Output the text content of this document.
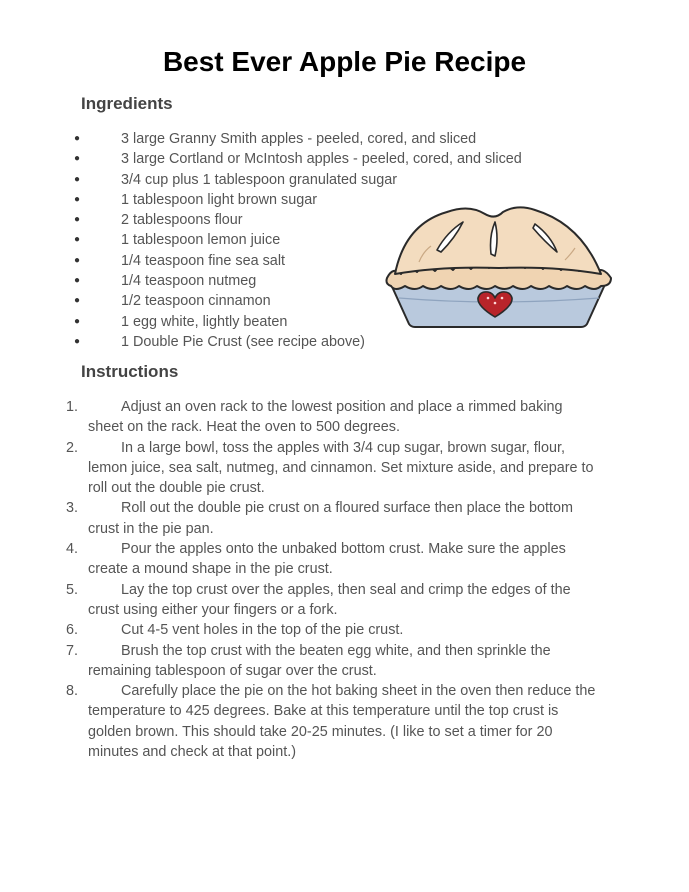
Best Ever Apple Pie Recipe
Ingredients
●	3 large Granny Smith apples - peeled, cored, and sliced
●	3 large Cortland or McIntosh apples - peeled, cored, and sliced
●	3/4 cup plus 1 tablespoon granulated sugar
●	1 tablespoon light brown sugar
●	2 tablespoons flour
●	1 tablespoon lemon juice
●	1/4 teaspoon fine sea salt
●	1/4 teaspoon nutmeg
●	1/2 teaspoon cinnamon
●	1 egg white, lightly beaten
●	1 Double Pie Crust (see recipe above)
Instructions
1.	Adjust an oven rack to the lowest position and place a rimmed baking sheet on the rack. Heat the oven to 500 degrees.
2.	In a large bowl, toss the apples with 3/4 cup sugar, brown sugar, flour, lemon juice, sea salt, nutmeg, and cinnamon. Set mixture aside, and prepare to roll out the double pie crust.
3.	Roll out the double pie crust on a floured surface then place the bottom crust in the pie pan.
4.	Pour the apples onto the unbaked bottom crust. Make sure the apples create a mound shape in the pie crust.
5.	Lay the top crust over the apples, then seal and crimp the edges of the crust using either your fingers or a fork.
6.	Cut 4-5 vent holes in the top of the pie crust.
7.	Brush the top crust with the beaten egg white, and then sprinkle the remaining tablespoon of sugar over the crust.
8.	Carefully place the pie on the hot baking sheet in the oven then reduce the temperature to 425 degrees. Bake at this temperature until the top crust is golden brown. This should take 20-25 minutes. (I like to set a timer for 20 minutes and check at that point.)
